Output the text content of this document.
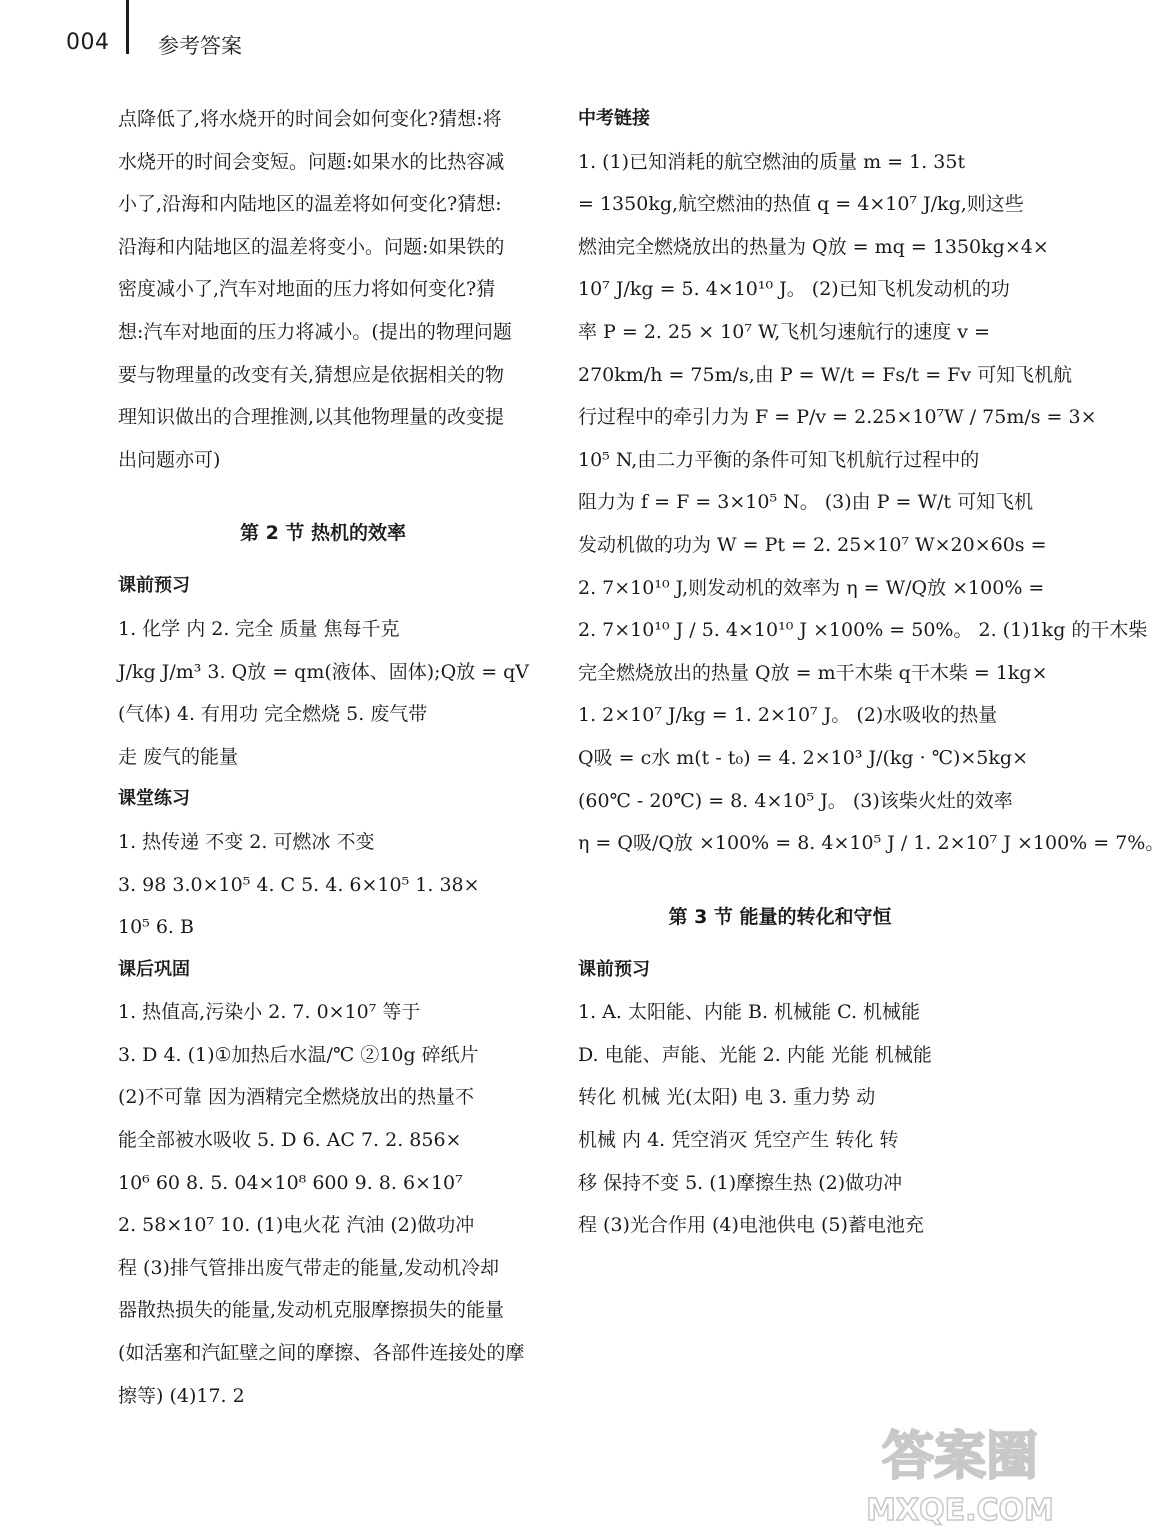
004 参考答案
点降低了,将水烧开的时间会如何变化?猜想:将
水烧开的时间会变短。问题:如果水的比热容减
小了,沿海和内陆地区的温差将如何变化?猜想:
沿海和内陆地区的温差将变小。问题:如果铁的
密度减小了,汽车对地面的压力将如何变化?猜
想:汽车对地面的压力将减小。(提出的物理问题
要与物理量的改变有关,猜想应是依据相关的物
理知识做出的合理推测,以其他物理量的改变提
出问题亦可)
第 2 节 热机的效率
课前预习
1. 化学 内 2. 完全 质量 焦每千克
J/kg J/m³ 3. Q放 = qm(液体、固体);Q放 = qV
(气体) 4. 有用功 完全燃烧 5. 废气带
走 废气的能量
课堂练习
1. 热传递 不变 2. 可燃冰 不变
3. 98 3.0×10⁵ 4. C 5. 4. 6×10⁵ 1. 38×
10⁵ 6. B
课后巩固
1. 热值高,污染小 2. 7. 0×10⁷ 等于
3. D 4. (1)①加热后水温/℃ ②10g 碎纸片
(2)不可靠 因为酒精完全燃烧放出的热量不
能全部被水吸收 5. D 6. AC 7. 2. 856×
10⁶ 60 8. 5. 04×10⁸ 600 9. 8. 6×10⁷
2. 58×10⁷ 10. (1)电火花 汽油 (2)做功冲
程 (3)排气管排出废气带走的能量,发动机冷却
器散热损失的能量,发动机克服摩擦损失的能量
(如活塞和汽缸壁之间的摩擦、各部件连接处的摩
擦等) (4)17. 2
中考链接
1. (1)已知消耗的航空燃油的质量 m = 1. 35t
= 1350kg,航空燃油的热值 q = 4×10⁷ J/kg,则这些
燃油完全燃烧放出的热量为 Q放 = mq = 1350kg×4×
10⁷ J/kg = 5. 4×10¹⁰ J。 (2)已知飞机发动机的功
率 P = 2. 25 × 10⁷ W,飞机匀速航行的速度 v =
270km/h = 75m/s,由 P = W/t = Fs/t = Fv 可知飞机航
行过程中的牵引力为 F = P/v = 2.25×10⁷W / 75m/s = 3×
10⁵ N,由二力平衡的条件可知飞机航行过程中的
阻力为 f = F = 3×10⁵ N。 (3)由 P = W/t 可知飞机
发动机做的功为 W = Pt = 2. 25×10⁷ W×20×60s =
2. 7×10¹⁰ J,则发动机的效率为 η = W/Q放 ×100% =
2. 7×10¹⁰ J / 5. 4×10¹⁰ J ×100% = 50%。 2. (1)1kg 的干木柴
完全燃烧放出的热量 Q放 = m干木柴 q干木柴 = 1kg×
1. 2×10⁷ J/kg = 1. 2×10⁷ J。 (2)水吸收的热量
Q吸 = c水 m(t - t₀) = 4. 2×10³ J/(kg · ℃)×5kg×
(60℃ - 20℃) = 8. 4×10⁵ J。 (3)该柴火灶的效率
η = Q吸/Q放 ×100% = 8. 4×10⁵ J / 1. 2×10⁷ J ×100% = 7%。
第 3 节 能量的转化和守恒
课前预习
1. A. 太阳能、内能 B. 机械能 C. 机械能
D. 电能、声能、光能 2. 内能 光能 机械能
转化 机械 光(太阳) 电 3. 重力势 动
机械 内 4. 凭空消灭 凭空产生 转化 转
移 保持不变 5. (1)摩擦生热 (2)做功冲
程 (3)光合作用 (4)电池供电 (5)蓄电池充
答案圈
MXQE.COM
